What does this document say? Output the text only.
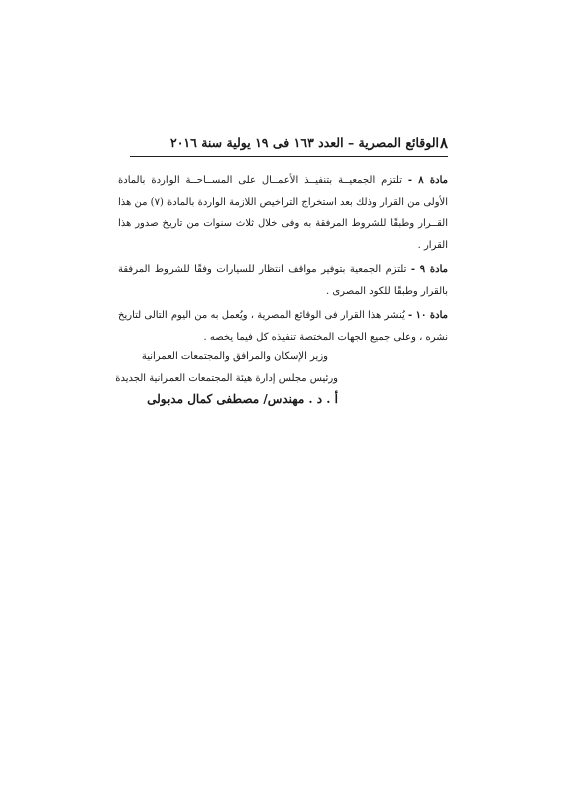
٨
الوقائع المصرية – العدد ١٦٣ فى ١٩ يولية سنة ٢٠١٦

مادة ٨ - تلتزم الجمعيــة بتنفيــذ الأعمــال على المســاحــة الواردة بالمادة الأولى من القرار وذلك بعد استخراج التراخيص اللازمة الواردة بالمادة (٧) من هذا القــرار وطبقًا للشروط المرفقة به وفى خلال ثلاث سنوات من تاريخ صدور هذا القرار .

مادة ٩ - تلتزم الجمعية بتوفير مواقف انتظار للسيارات وفقًا للشروط المرفقة بالقرار وطبقًا للكود المصرى .

مادة ١٠ - يُنشر هذا القرار فى الوقائع المصرية ، ويُعمل به من اليوم التالى لتاريخ نشره ، وعلى جميع الجهات المختصة تنفيذه كل فيما يخصه .

وزير الإسكان والمرافق والمجتمعات العمرانية

ورئيس مجلس إدارة هيئة المجتمعات العمرانية الجديدة

أ . د . مهندس/ مصطفى كمال مدبولى
